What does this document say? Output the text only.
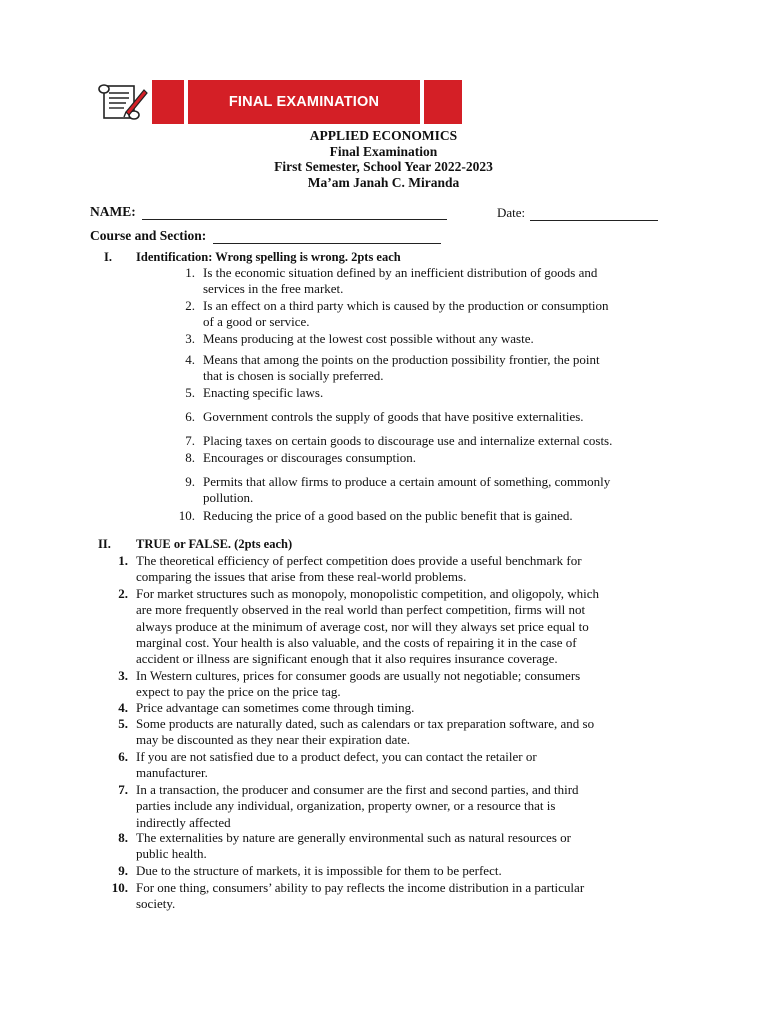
FINAL EXAMINATION
APPLIED ECONOMICS
Final Examination
First Semester, School Year 2022-2023
Ma’am Janah C. Miranda
NAME:	Date:
Course and Section:
I. Identification: Wrong spelling is wrong. 2pts each
1. Is the economic situation defined by an inefficient distribution of goods and
services in the free market.
2. Is an effect on a third party which is caused by the production or consumption
of a good or service.
3. Means producing at the lowest cost possible without any waste.
4. Means that among the points on the production possibility frontier, the point
that is chosen is socially preferred.
5. Enacting specific laws.
6. Government controls the supply of goods that have positive externalities.
7. Placing taxes on certain goods to discourage use and internalize external costs.
8. Encourages or discourages consumption.
9. Permits that allow firms to produce a certain amount of something, commonly
pollution.
10. Reducing the price of a good based on the public benefit that is gained.
II. TRUE or FALSE. (2pts each)
1. The theoretical efficiency of perfect competition does provide a useful benchmark for
comparing the issues that arise from these real-world problems.
2. For market structures such as monopoly, monopolistic competition, and oligopoly, which
are more frequently observed in the real world than perfect competition, firms will not
always produce at the minimum of average cost, nor will they always set price equal to
marginal cost. Your health is also valuable, and the costs of repairing it in the case of
accident or illness are significant enough that it also requires insurance coverage.
3. In Western cultures, prices for consumer goods are usually not negotiable; consumers
expect to pay the price on the price tag.
4. Price advantage can sometimes come through timing.
5. Some products are naturally dated, such as calendars or tax preparation software, and so
may be discounted as they near their expiration date.
6. If you are not satisfied due to a product defect, you can contact the retailer or
manufacturer.
7. In a transaction, the producer and consumer are the first and second parties, and third
parties include any individual, organization, property owner, or a resource that is
indirectly affected
8. The externalities by nature are generally environmental such as natural resources or
public health.
9. Due to the structure of markets, it is impossible for them to be perfect.
10. For one thing, consumers’ ability to pay reflects the income distribution in a particular
society.
